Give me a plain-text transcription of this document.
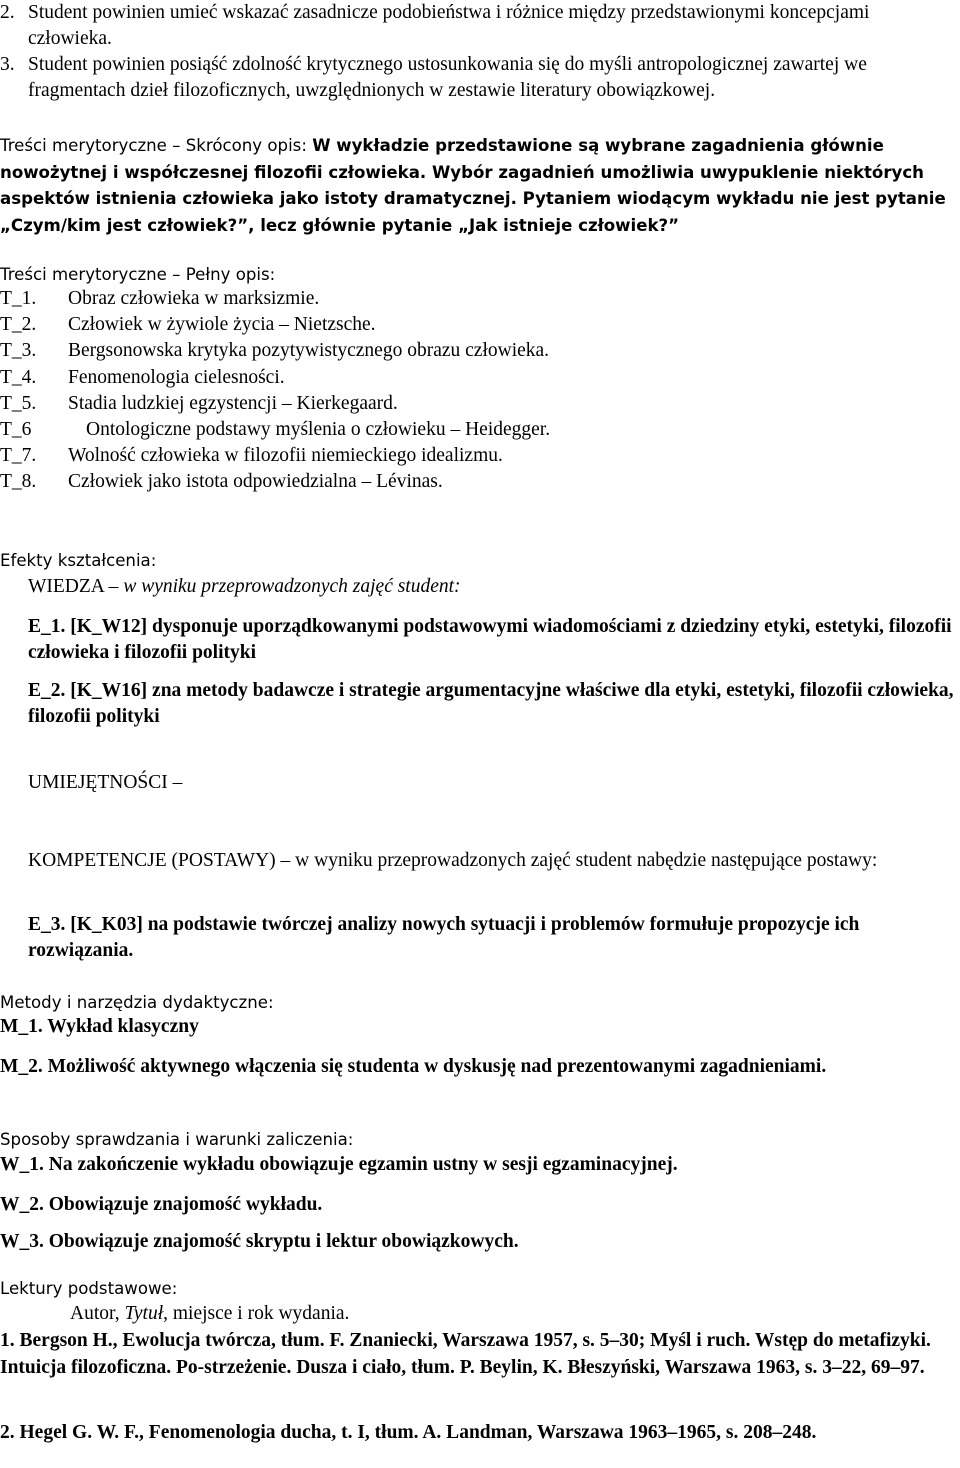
2. Student powinien umieć wskazać zasadnicze podobieństwa i różnice między przedstawionymi koncepcjami człowieka.
3. Student powinien posiąść zdolność krytycznego ustosunkowania się do myśli antropologicznej zawartej we fragmentach dzieł filozoficznych, uwzględnionych w zestawie literatury obowiązkowej.
Treści merytoryczne – Skrócony opis: W wykładzie przedstawione są wybrane zagadnienia głównie nowożytnej i współczesnej filozofii człowieka. Wybór zagadnień umożliwia uwypuklenie niektórych aspektów istnienia człowieka jako istoty dramatycznej. Pytaniem wiodącym wykładu nie jest pytanie „Czym/kim jest człowiek?”, lecz głównie pytanie „Jak istnieje człowiek?”
Treści merytoryczne – Pełny opis:
T_1.	Obraz człowieka w marksizmie.
T_2.	Człowiek w żywiole życia – Nietzsche.
T_3.	Bergsonowska krytyka pozytywistycznego obrazu człowieka.
T_4.	Fenomenologia cielesności.
T_5.	Stadia ludzkiej egzystencji – Kierkegaard.
T_6	Ontologiczne podstawy myślenia o człowieku – Heidegger.
T_7.	Wolność człowieka w filozofii niemieckiego idealizmu.
T_8.	Człowiek jako istota odpowiedzialna – Lévinas.
Efekty kształcenia:
WIEDZA – w wyniku przeprowadzonych zajęć student:
E_1. [K_W12] dysponuje uporządkowanymi podstawowymi wiadomościami z dziedziny etyki, estetyki, filozofii człowieka i filozofii polityki
E_2. [K_W16] zna metody badawcze i strategie argumentacyjne właściwe dla etyki, estetyki, filozofii człowieka, filozofii polityki
UMIEJĘTNOŚCI –
KOMPETENCJE (POSTAWY) – w wyniku przeprowadzonych zajęć student nabędzie następujące postawy:
E_3. [K_K03] na podstawie twórczej analizy nowych sytuacji i problemów formułuje propozycje ich rozwiązania.
Metody i narzędzia dydaktyczne:
M_1. Wykład klasyczny
M_2. Możliwość aktywnego włączenia się studenta w dyskusję nad prezentowanymi zagadnieniami.
Sposoby sprawdzania i warunki zaliczenia:
W_1. Na zakończenie wykładu obowiązuje egzamin ustny w sesji egzaminacyjnej.
W_2. Obowiązuje znajomość wykładu.
W_3. Obowiązuje znajomość skryptu i lektur obowiązkowych.
Lektury podstawowe:
Autor, Tytuł, miejsce i rok wydania.
1. Bergson H., Ewolucja twórcza, tłum. F. Znaniecki, Warszawa 1957, s. 5–30; Myśl i ruch. Wstęp do metafizyki. Intuicja filozoficzna. Po-strzeżenie. Dusza i ciało, tłum. P. Beylin, K. Błeszyński, Warszawa 1963, s. 3–22, 69–97.
2. Hegel G. W. F., Fenomenologia ducha, t. I, tłum. A. Landman, Warszawa 1963–1965, s. 208–248.
